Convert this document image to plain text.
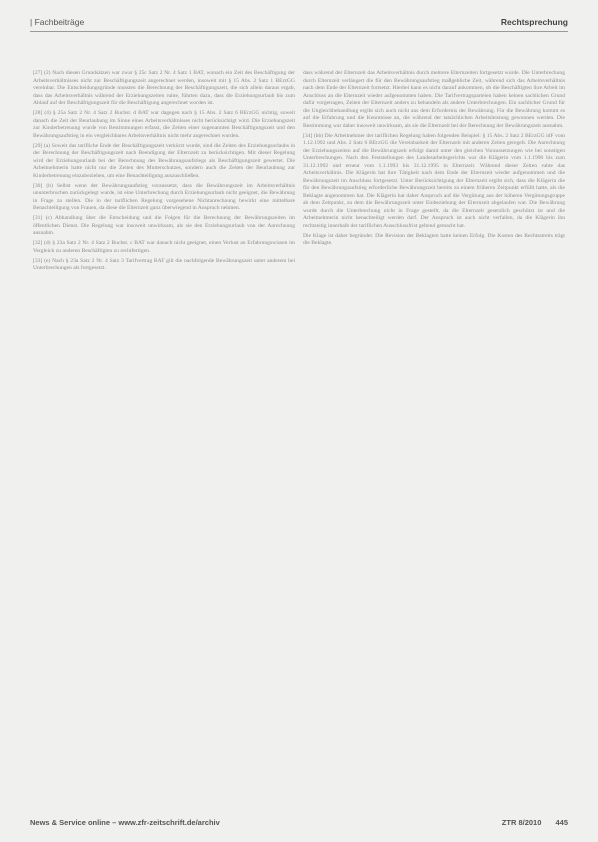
| Fachbeiträge	Rechtsprechung

[27] (2) Nach diesen Grundsätzen war zwar § 25c Satz 2 Nr. 4 Satz 1 BAT, wonach ein Zeit des Beschäftigung der Arbeitsverhältnisses nicht zur Beschäftigungszeit angerechnet werden, insoweit mit § 15 Abs. 2 Satz 1 BErzGG vereinbar. Die Entscheidungsgründe mussten die Berechnung der Beschäftigungszeit, die sich allein daraus ergab, dass das Arbeitsverhältnis während der Erziehungszeiten ruhte, führten dazu, dass die Erziehungsurlaub bis zum Ablauf auf der Beschäftigungszeit für die Beschäftigung angerechnet worden ist.

[28] (4) § 25a Satz 2 Nr. 4 Satz 2 Buchst. d BAT war dagegen nach § 15 Abs. 2 Satz 6 BErzGG nichtig, soweit danach die Zeit der Beurlaubung im Sinne eines Arbeitsverhältnisses nicht berücksichtigt wird. Die Erziehungszeit zur Kinderbetreuung wurde von Bestimmungen erfasst, die Zeiten einer sogenannten Beschäftigungszeit und den Bewährungsaufstieg in ein vergleichbares Arbeitsverhältnis nicht mehr angerechnet wurden.

[29] (a) Soweit das tarifliche Ende der Beschäftigungszeit verkürzt wurde, sind die Zeiten des Erziehungsurlaubs in der Berechnung der Beschäftigungszeit nach Beendigung der Elternzeit zu berücksichtigen. Mit dieser Regelung wird der Erziehungsurlaub bei der Berechnung des Bewährungsaufstiegs als Beschäftigungszeit gewertet. Die Arbeitnehmerin hatte nicht nur die Zeiten des Mutterschutzes, sondern auch die Zeiten der Beurlaubung zur Kinderbetreuung einzubeziehen, um eine Benachteiligung auszuschließen.

[30] (b) Selbst wenn der Bewährungsaufstieg voraussetzt, dass die Bewährungszeit im Arbeitsverhältnis ununterbrochen zurückgelegt wurde, ist eine Unterbrechung durch Erziehungsurlaub nicht geeignet, die Bewährung in Frage zu stellen. Die in der tariflichen Regelung vorgesehene Nichtanrechnung bewirkt eine mittelbare Benachteiligung von Frauen, da diese die Elternzeit ganz überwiegend in Anspruch nehmen.

[31] (c) Abhandlung über die Entscheidung und die Folgen für die Berechnung der Bewährungszeiten im öffentlichen Dienst. Die Regelung war insoweit unwirksam, als sie den Erziehungsurlaub von der Anrechnung ausnahm.

[32] (d) § 23a Satz 2 Nr. 4 Satz 2 Buchst. c BAT war danach nicht geeignet, einen Verlust an Erfahrungswissen im Vergleich zu anderen Beschäftigten zu rechtfertigen.

[33] (e) Nach § 23a Satz 2 Nr. 4 Satz 3 Tarifvertrag BAT gilt die nachfolgende Bewährungszeit unter anderem bei Unterbrechungen als fortgesetzt.

dass während der Elternzeit das Arbeitsverhältnis durch mehrere Elternzeiten fortgesetzt wurde. Die Unterbrechung durch Elternzeit verlängert die für den Bewährungsaufstieg maßgebliche Zeit, während sich das Arbeitsverhältnis nach dem Ende der Elternzeit fortsetzt. Hierbei kann es nicht darauf ankommen, ob die Beschäftigten ihre Arbeit im Anschluss an die Elternzeit wieder aufgenommen haben. Die Tarifvertragsparteien haben keinen sachlichen Grund dafür vorgetragen, Zeiten der Elternzeit anders zu behandeln als andere Unterbrechungen. Ein sachlicher Grund für die Ungleichbehandlung ergibt sich auch nicht aus dem Erfordernis der Bewährung. Für die Bewährung kommt es auf die Erfahrung und die Kenntnisse an, die während der tatsächlichen Arbeitsleistung gewonnen werden. Die Bestimmung war daher insoweit unwirksam, als sie die Elternzeit bei der Berechnung der Bewährungszeit ausnahm.

[34] (bb) Die Arbeitnehmer der tariflichen Regelung haben folgenden Beispiel: § 15 Abs. 2 Satz 2 BErzGG idF vom 1.12.1992 und Abs. 2 Satz 6 BErzGG die Vereinbarkeit der Elternzeit mit anderen Zeiten geregelt. Die Anrechnung der Erziehungszeiten auf die Bewährungszeit erfolgt damit unter den gleichen Voraussetzungen wie bei sonstigen Unterbrechungen. Nach den Feststellungen des Landesarbeitsgerichts war die Klägerin vom 1.1.1990 bis zum 31.12.1992 und erneut vom 1.1.1993 bis 31.12.1995 in Elternzeit. Während dieser Zeiten ruhte das Arbeitsverhältnis. Die Klägerin hat ihre Tätigkeit nach dem Ende der Elternzeit wieder aufgenommen und die Bewährungszeit im Anschluss fortgesetzt. Unter Berücksichtigung der Elternzeit ergibt sich, dass die Klägerin die für den Bewährungsaufstieg erforderliche Bewährungszeit bereits zu einem früheren Zeitpunkt erfüllt hatte, als die Beklagte angenommen hat. Die Klägerin hat daher Anspruch auf die Vergütung aus der höheren Vergütungsgruppe ab dem Zeitpunkt, zu dem die Bewährungszeit unter Einbeziehung der Elternzeit abgelaufen war. Die Bewährung wurde durch die Unterbrechung nicht in Frage gestellt, da die Elternzeit gesetzlich geschützt ist und die Arbeitnehmerin nicht benachteiligt werden darf. Der Anspruch ist auch nicht verfallen, da die Klägerin ihn rechtzeitig innerhalb der tariflichen Ausschlussfrist geltend gemacht hat.

Die Klage ist daher begründet. Die Revision der Beklagten hatte keinen Erfolg. Die Kosten des Rechtsstreits trägt die Beklagte.

News & Service online – www.zfr-zeitschrift.de/archiv	ZTR 8/2010 445
